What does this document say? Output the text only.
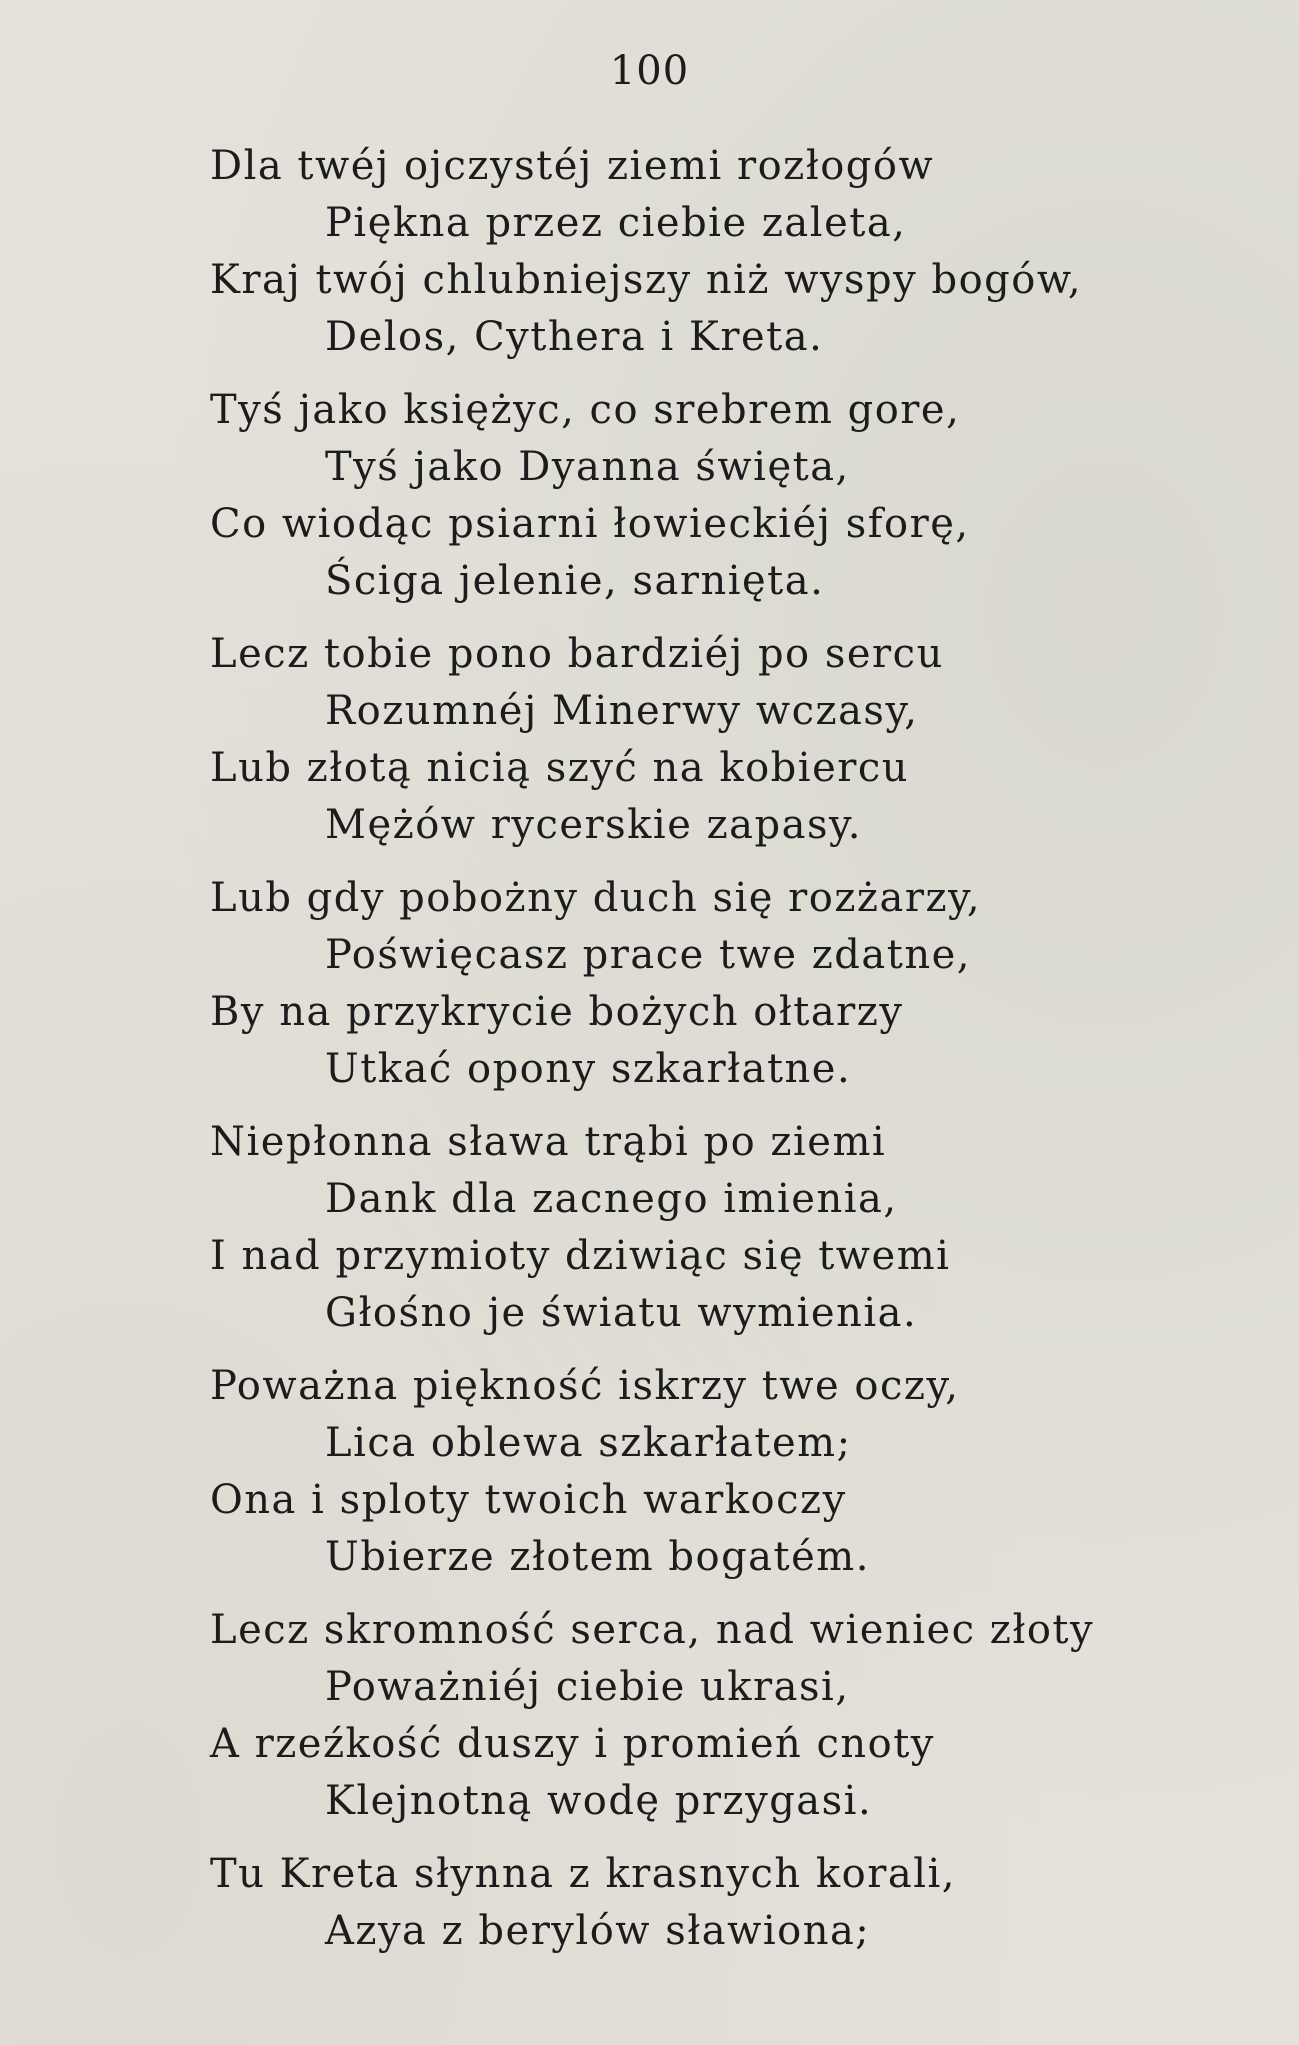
100
Dla twéj ojczystéj ziemi rozłogów
Piękna przez ciebie zaleta,
Kraj twój chlubniejszy niż wyspy bogów,
Delos, Cythera i Kreta.
Tyś jako księżyc, co srebrem gore,
Tyś jako Dyanna święta,
Co wiodąc psiarni łowieckiéj sforę,
Ściga jelenie, sarnięta.
Lecz tobie pono bardziéj po sercu
Rozumnéj Minerwy wczasy,
Lub złotą nicią szyć na kobiercu
Mężów rycerskie zapasy.
Lub gdy pobożny duch się rozżarzy,
Poświęcasz prace twe zdatne,
By na przykrycie bożych ołtarzy
Utkać opony szkarłatne.
Niepłonna sława trąbi po ziemi
Dank dla zacnego imienia,
I nad przymioty dziwiąc się twemi
Głośno je światu wymienia.
Poważna piękność iskrzy twe oczy,
Lica oblewa szkarłatem;
Ona i sploty twoich warkoczy
Ubierze złotem bogatém.
Lecz skromność serca, nad wieniec złoty
Poważniéj ciebie ukrasi,
A rzeźkość duszy i promień cnoty
Klejnotną wodę przygasi.
Tu Kreta słynna z krasnych korali,
Azya z berylów sławiona;
